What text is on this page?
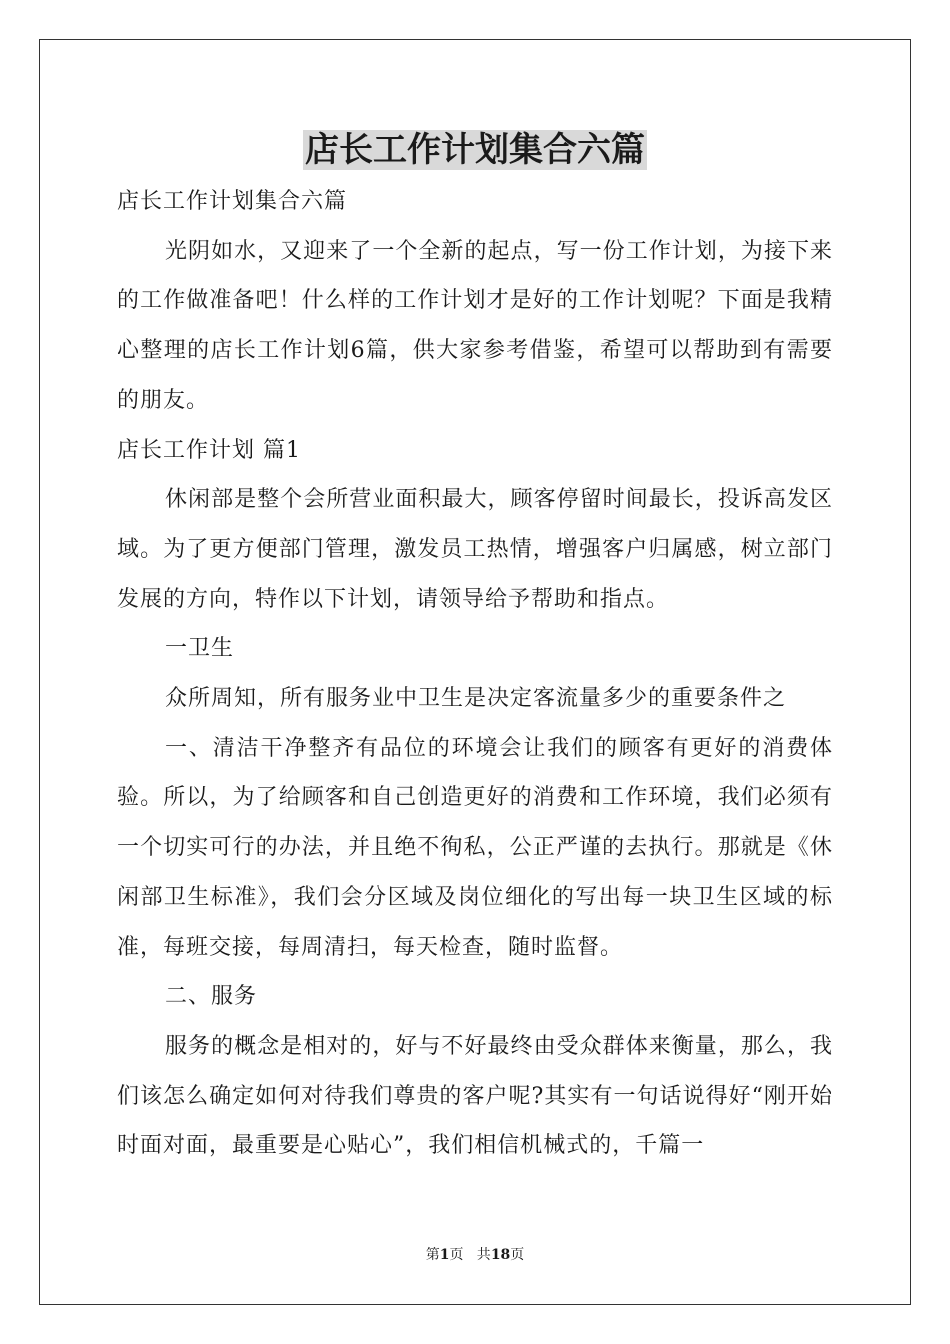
店长工作计划集合六篇

店长工作计划集合六篇

光阴如水，又迎来了一个全新的起点，写一份工作计划，为接下来的工作做准备吧！什么样的工作计划才是好的工作计划呢？下面是我精心整理的店长工作计划6篇，供大家参考借鉴，希望可以帮助到有需要的朋友。

店长工作计划 篇1

休闲部是整个会所营业面积最大，顾客停留时间最长，投诉高发区域。为了更方便部门管理，激发员工热情，增强客户归属感，树立部门发展的方向，特作以下计划，请领导给予帮助和指点。

一卫生

众所周知，所有服务业中卫生是决定客流量多少的重要条件之

一、清洁干净整齐有品位的环境会让我们的顾客有更好的消费体验。所以，为了给顾客和自己创造更好的消费和工作环境，我们必须有一个切实可行的办法，并且绝不徇私，公正严谨的去执行。那就是《休闲部卫生标准》，我们会分区域及岗位细化的写出每一块卫生区域的标准，每班交接，每周清扫，每天检查，随时监督。

二、服务

服务的概念是相对的，好与不好最终由受众群体来衡量，那么，我们该怎么确定如何对待我们尊贵的客户呢?其实有一句话说得好“刚开始时面对面，最重要是心贴心”，我们相信机械式的，千篇一

第1页   共18页
